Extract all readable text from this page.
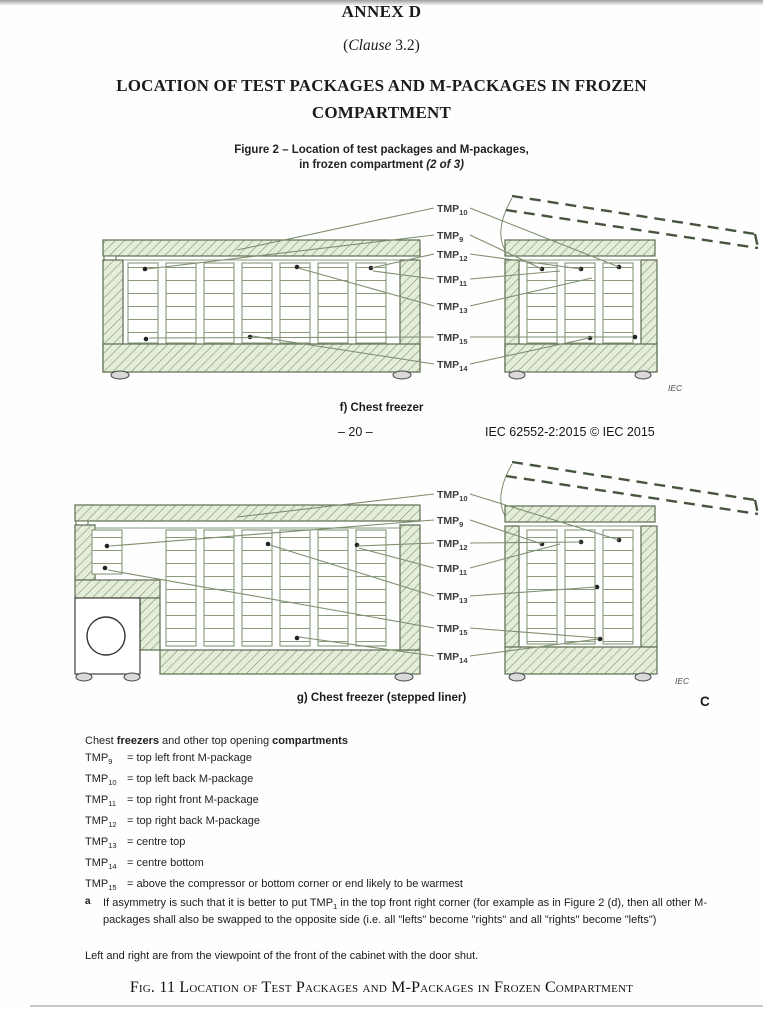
ANNEX D
(Clause 3.2)
LOCATION OF TEST PACKAGES AND M-PACKAGES IN FROZEN
COMPARTMENT
Figure 2 – Location of test packages and M-packages,
in frozen compartment (2 of 3)
$TMP_{10}$
$TMP_9$
$TMP_{12}$
$TMP_{11}$
$TMP_{13}$
$TMP_{15}$
$TMP_{14}$
IEC
f) Chest freezer
– 20 –	IEC 62552-2:2015 © IEC 2015
$TMP_{10}$
$TMP_9$
$TMP_{12}$
$TMP_{11}$
$TMP_{13}$
$TMP_{15}$
$TMP_{14}$
IEC
g) Chest freezer (stepped liner)	C
Chest freezers and other top opening compartments
$TMP_9$	= top left front M-package
$TMP_{10}$ = top left back M-package
$TMP_{11}$	= top right front M-package
$TMP_{12}$ = top right back M-package
$TMP_{13}$ = centre top
$TMP_{14}$ = centre bottom
$TMP_{15}$ = above the compressor or bottom corner or end likely to be warmest
a If asymmetry is such that it is better to put $TMP_1$ in the top front right corner (for example as in Figure 2 (d), then all other M-packages shall also be swapped to the opposite side (i.e. all "lefts" become "rights" and all "rights" become "lefts")
Left and right are from the viewpoint of the front of the cabinet with the door shut.
Fig. 11 Location of Test Packages and M-Packages in Frozen Compartment
